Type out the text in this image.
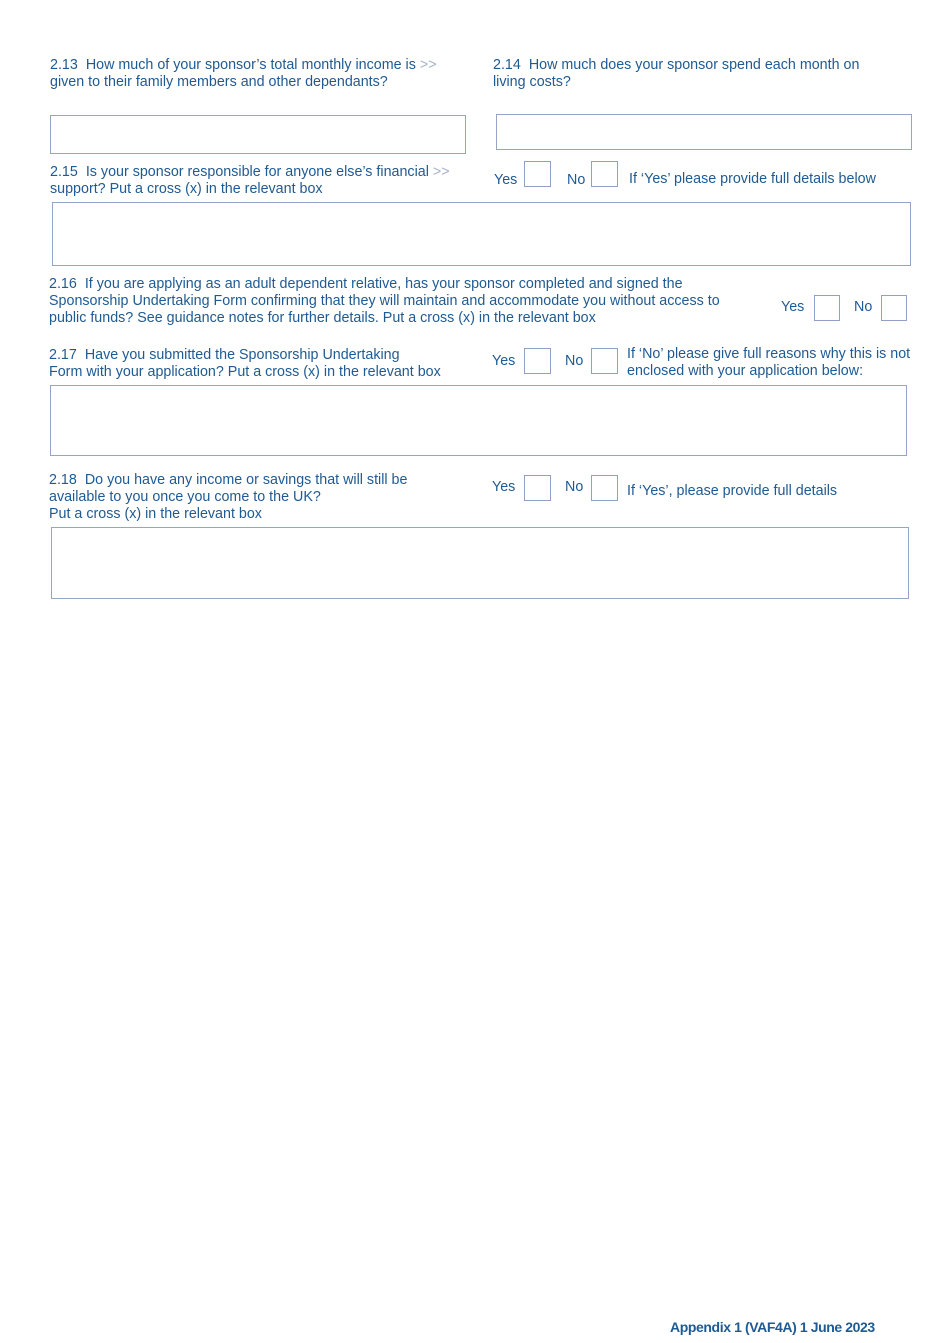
2.13 How much of your sponsor’s total monthly income is >>
given to their family members and other dependants?
2.14 How much does your sponsor spend each month on
living costs?
2.15 Is your sponsor responsible for anyone else’s financial >>
support? Put a cross (x) in the relevant box
Yes	No	If ‘Yes’ please provide full details below
2.16 If you are applying as an adult dependent relative, has your sponsor completed and signed the
Sponsorship Undertaking Form confirming that they will maintain and accommodate you without access to
public funds? See guidance notes for further details. Put a cross (x) in the relevant box
Yes	No
2.17 Have you submitted the Sponsorship Undertaking
Form with your application? Put a cross (x) in the relevant box
Yes	No	If ‘No’ please give full reasons why this is not
enclosed with your application below:
2.18 Do you have any income or savings that will still be
available to you once you come to the UK?
Put a cross (x) in the relevant box
Yes	No	If ‘Yes’, please provide full details
Appendix 1 (VAF4A) 1 June 2023
